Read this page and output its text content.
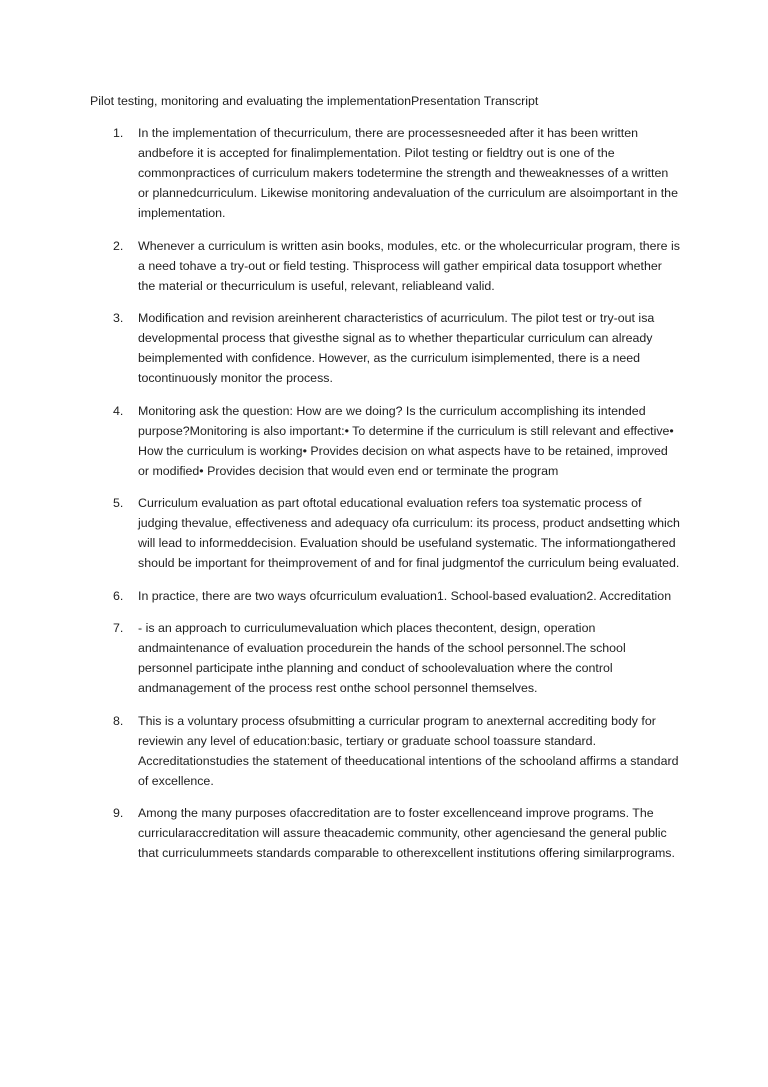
Pilot testing, monitoring and evaluating the implementationPresentation Transcript
1. In the implementation of thecurriculum, there are processesneeded after it has been written andbefore it is accepted for finalimplementation. Pilot testing or fieldtry out is one of the commonpractices of curriculum makers todetermine the strength and theweaknesses of a written or plannedcurriculum. Likewise monitoring andevaluation of the curriculum are alsoimportant in the implementation.
2. Whenever a curriculum is written asin books, modules, etc. or the wholecurricular program, there is a need tohave a try-out or field testing. Thisprocess will gather empirical data tosupport whether the material or thecurriculum is useful, relevant, reliableand valid.
3. Modification and revision areinherent characteristics of acurriculum. The pilot test or try-out isa developmental process that givesthe signal as to whether theparticular curriculum can already beimplemented with confidence. However, as the curriculum isimplemented, there is a need tocontinuously monitor the process.
4. Monitoring ask the question: How are we doing? Is the curriculum accomplishing its intended purpose?Monitoring is also important:• To determine if the curriculum is still relevant and effective• How the curriculum is working• Provides decision on what aspects have to be retained, improved or modified• Provides decision that would even end or terminate the program
5. Curriculum evaluation as part oftotal educational evaluation refers toa systematic process of judging thevalue, effectiveness and adequacy ofa curriculum: its process, product andsetting which will lead to informeddecision. Evaluation should be usefuland systematic. The informationgathered should be important for theimprovement of and for final judgmentof the curriculum being evaluated.
6. In practice, there are two ways ofcurriculum evaluation1. School-based evaluation2. Accreditation
7. - is an approach to curriculumevaluation which places thecontent, design, operation andmaintenance of evaluation procedurein the hands of the school personnel.The school personnel participate inthe planning and conduct of schoolevaluation where the control andmanagement of the process rest onthe school personnel themselves.
8. This is a voluntary process ofsubmitting a curricular program to anexternal accrediting body for reviewin any level of education:basic, tertiary or graduate school toassure standard. Accreditationstudies the statement of theeducational intentions of the schooland affirms a standard of excellence.
9. Among the many purposes ofaccreditation are to foster excellenceand improve programs. The curricularaccreditation will assure theacademic community, other agenciesand the general public that curriculummeets standards comparable to otherexcellent institutions offering similarprograms.
